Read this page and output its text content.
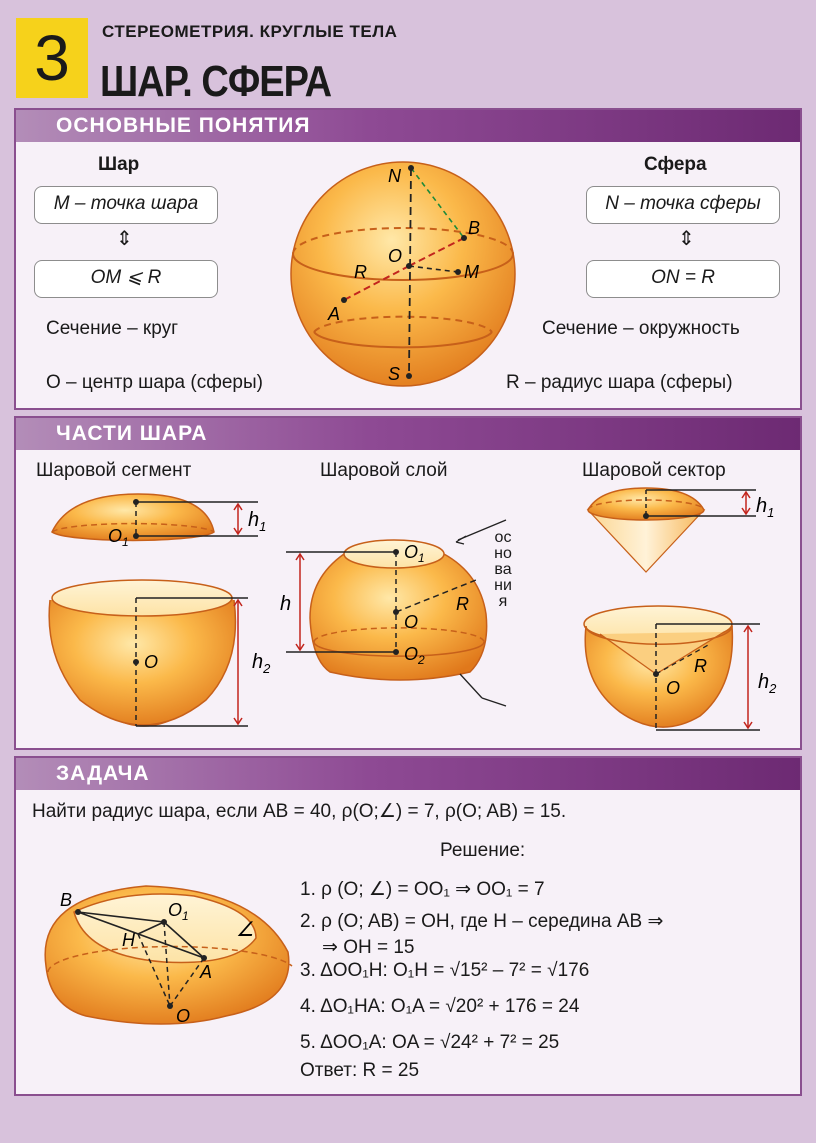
3	СТЕРЕОМЕТРИЯ. КРУГЛЫЕ ТЕЛА
ШАР. СФЕРА
ОСНОВНЫЕ ПОНЯТИЯ
Шар
M – точка шара
⇕
OM ⩽ R
Сечение – круг
O – центр шара (сферы)
Сфера
N – точка сферы
⇕
ON = R
Сечение – окружность
R – радиус шара (сферы)
N
B
O
M
R
A
S
ЧАСТИ ШАРА
Шаровой сегмент	Шаровой слой	Шаровой сектор
$O_1$
$h_1$
O	$h_2$
$O_1$
O
$O_2$
h	R
основания
$h_1$
O
R
$h_2$
ЗАДАЧА
Найти радиус шара, если AB = 40, ρ(O;∠) = 7, ρ(O; AB) = 15.
Решение:
B	$O_1$
H
A
O
∠
1. ρ (O; ∠) = OO₁ ⇒ OO₁ = 7
2. ρ (O; AB) = OH, где H – середина AB ⇒
⇒ OH = 15
3. ΔOO₁H: O₁H = √15² – 7² = √176
4. ΔO₁HA: O₁A = √20² + 176 = 24
5. ΔOO₁A: OA = √24² + 7² = 25
Ответ: R = 25
